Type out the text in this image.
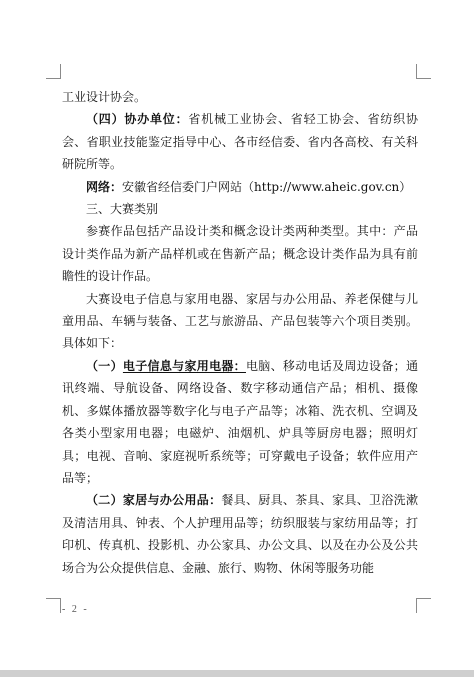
工业设计协会。

（四）协办单位：省机械工业协会、省轻工协会、省纺织协会、省职业技能鉴定指导中心、各市经信委、省内各高校、有关科研院所等。

网络：安徽省经信委门户网站（http://www.aheic.gov.cn）

三、大赛类别

参赛作品包括产品设计类和概念设计类两种类型。其中：产品设计类作品为新产品样机或在售新产品；概念设计类作品为具有前瞻性的设计作品。

大赛设电子信息与家用电器、家居与办公用品、养老保健与儿童用品、车辆与装备、工艺与旅游品、产品包装等六个项目类别。具体如下：

（一）电子信息与家用电器：电脑、移动电话及周边设备；通讯终端、导航设备、网络设备、数字移动通信产品；相机、摄像机、多媒体播放器等数字化与电子产品等；冰箱、洗衣机、空调及各类小型家用电器；电磁炉、油烟机、炉具等厨房电器；照明灯具；电视、音响、家庭视听系统等；可穿戴电子设备；软件应用产品等；

（二）家居与办公用品：餐具、厨具、茶具、家具、卫浴洗漱及清洁用具、钟表、个人护理用品等；纺织服装与家纺用品等；打印机、传真机、投影机、办公家具、办公文具、以及在办公及公共场合为公众提供信息、金融、旅行、购物、休闲等服务功能

- 2 -
